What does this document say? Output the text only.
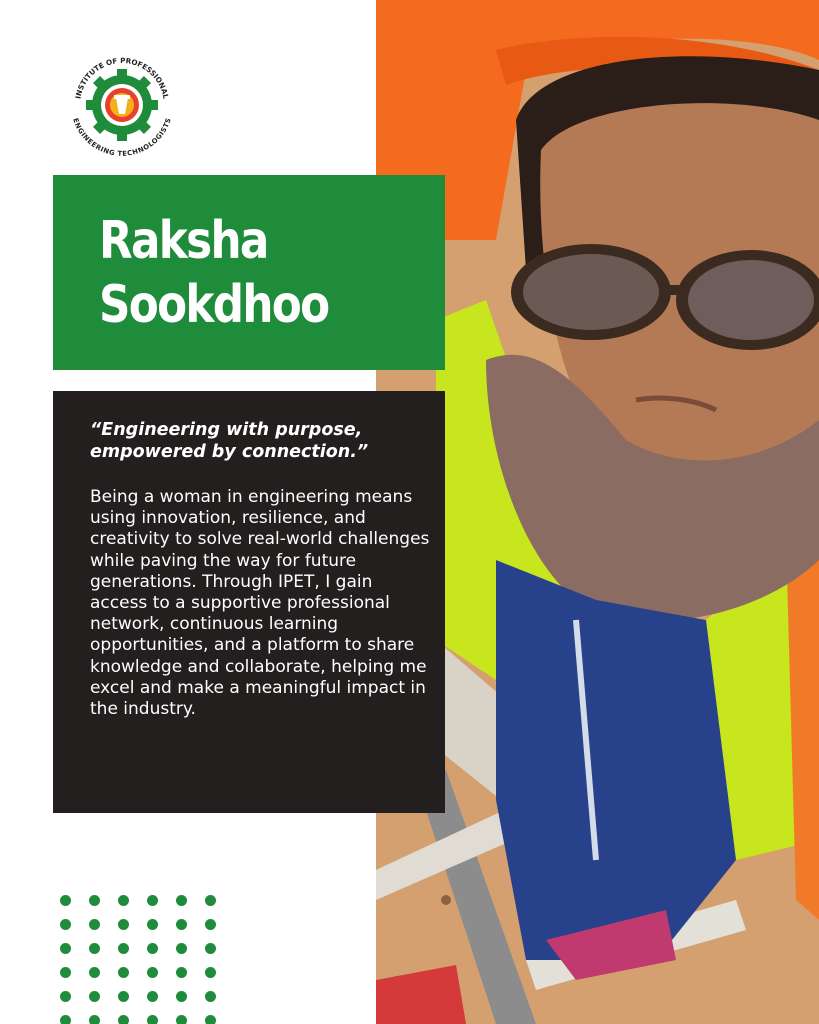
INSTITUTE OF PROFESSIONAL
ENGINEERING TECHNOLOGISTS
Raksha
Sookdhoo

“Engineering with purpose, empowered by connection.”

Being a woman in engineering means using innovation, resilience, and creativity to solve real-world challenges while paving the way for future generations. Through IPET, I gain access to a supportive professional network, continuous learning opportunities, and a platform to share knowledge and collaborate, helping me excel and make a meaningful impact in the industry.
